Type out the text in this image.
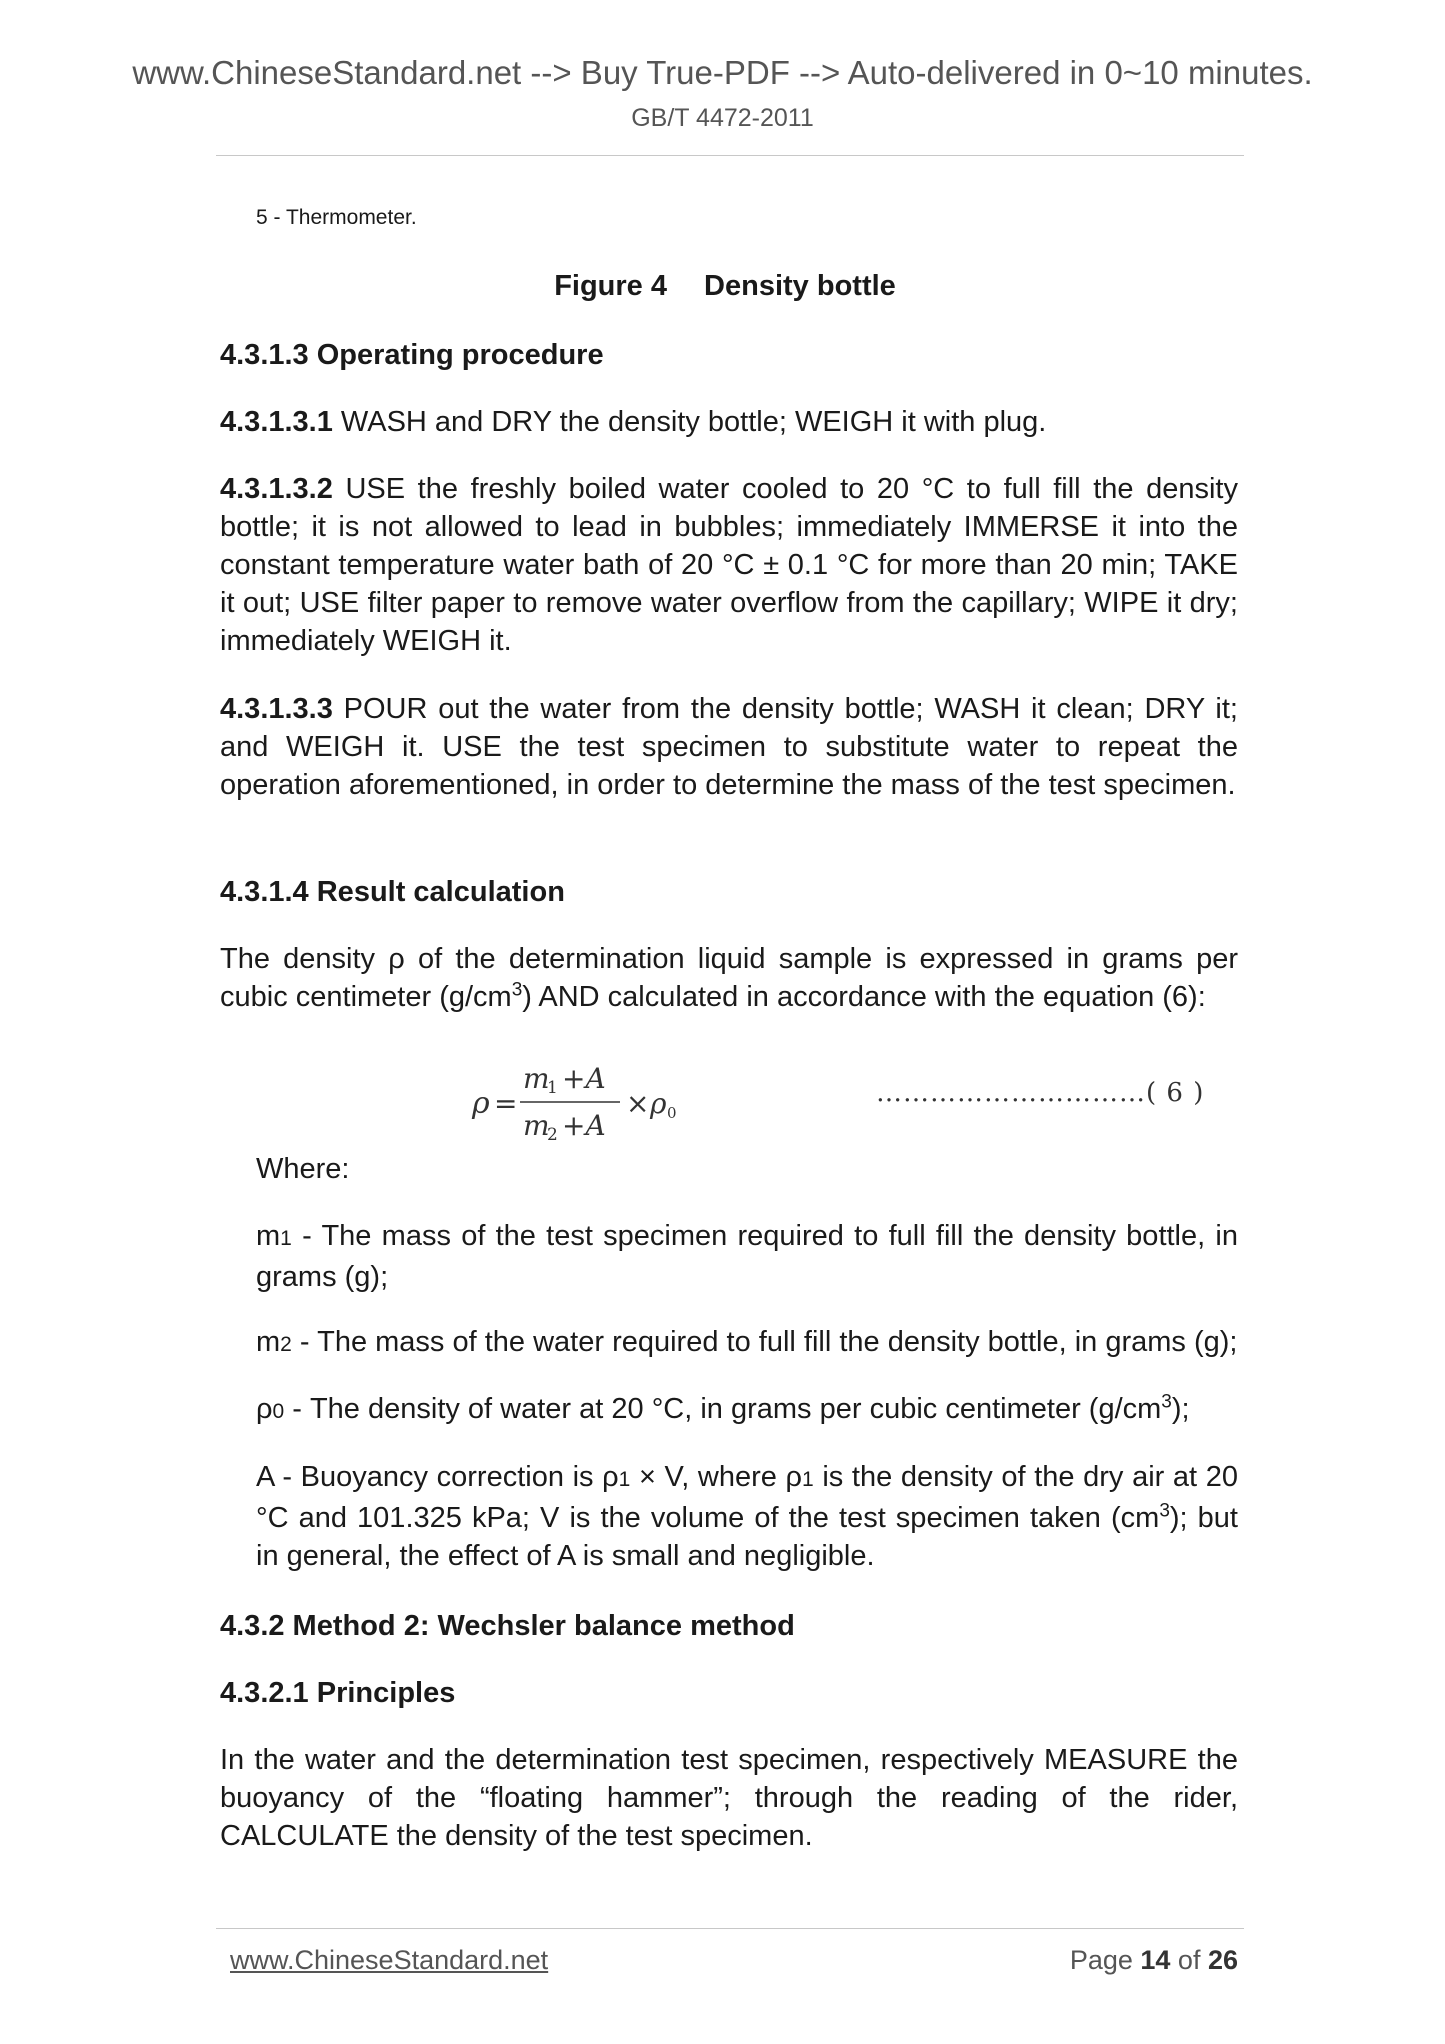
www.ChineseStandard.net --> Buy True-PDF --> Auto-delivered in 0~10 minutes.
GB/T 4472-2011

5 - Thermometer.

Figure 4  Density bottle

4.3.1.3 Operating procedure

4.3.1.3.1 WASH and DRY the density bottle; WEIGH it with plug.

4.3.1.3.2 USE the freshly boiled water cooled to 20 °C to full fill the density bottle; it is not allowed to lead in bubbles; immediately IMMERSE it into the constant temperature water bath of 20 °C ± 0.1 °C for more than 20 min; TAKE it out; USE filter paper to remove water overflow from the capillary; WIPE it dry; immediately WEIGH it.

4.3.1.3.3 POUR out the water from the density bottle; WASH it clean; DRY it; and WEIGH it. USE the test specimen to substitute water to repeat the operation aforementioned, in order to determine the mass of the test specimen.

4.3.1.4 Result calculation

The density ρ of the determination liquid sample is expressed in grams per cubic centimeter $(g/cm^3)$ AND calculated in accordance with the equation (6):

Where:

m1 - The mass of the test specimen required to full fill the density bottle, in grams (g);

m2 - The mass of the water required to full fill the density bottle, in grams (g);

ρ0 - The density of water at 20 °C, in grams per cubic centimeter $(g/cm^3)$;

A - Buoyancy correction is ρ1 × V, where ρ1 is the density of the dry air at 20 °C and 101.325 kPa; V is the volume of the test specimen taken $(cm^3)$; but in general, the effect of A is small and negligible.

4.3.2 Method 2: Wechsler balance method

4.3.2.1 Principles

In the water and the determination test specimen, respectively MEASURE the buoyancy of the “floating hammer”; through the reading of the rider, CALCULATE the density of the test specimen.

ρ =
m
1 +A
m
2 +A
× ρ 0
…………………………( 6 )
www.ChineseStandard.net	Page 14 of 26
